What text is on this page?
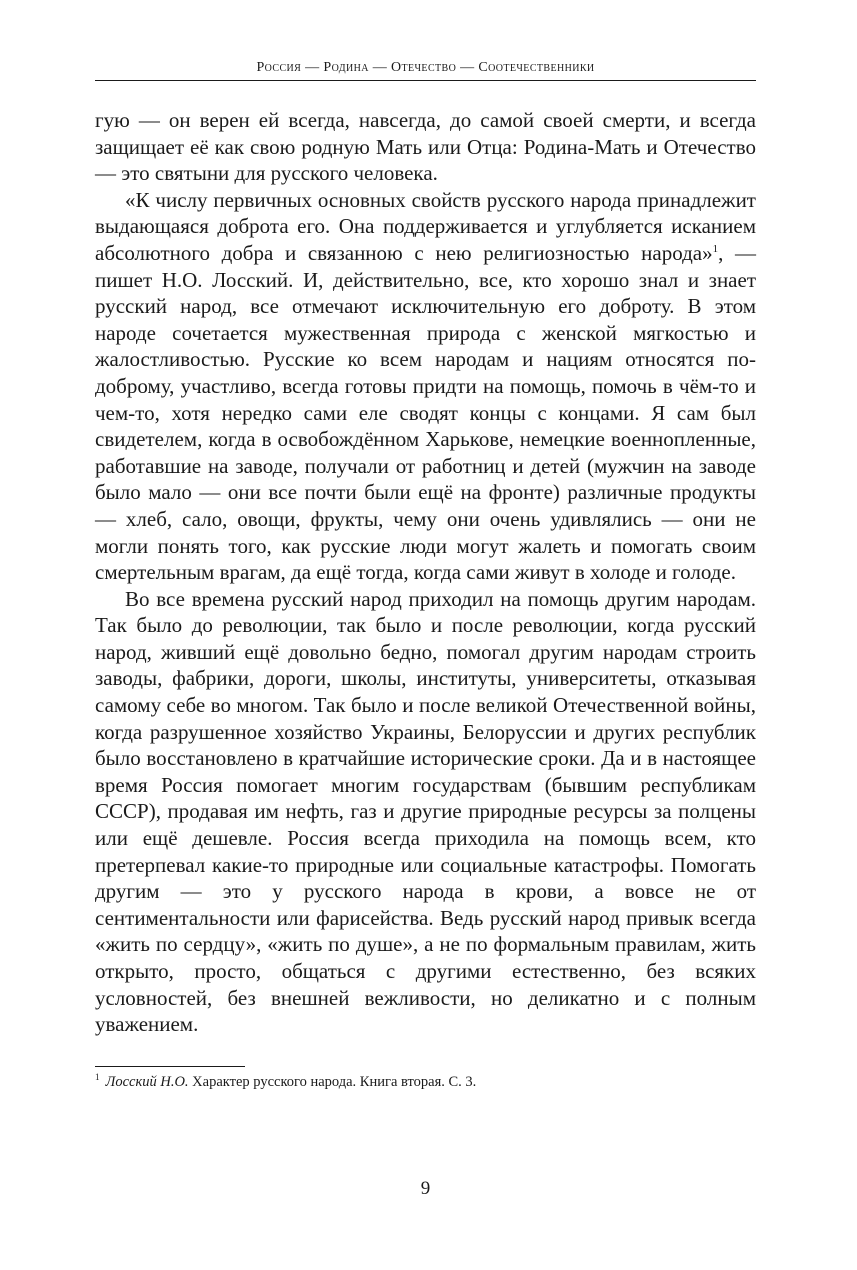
Россия — Родина — Отечество — Соотечественники

гую — он верен ей всегда, навсегда, до самой своей смерти, и всегда защищает её как свою родную Мать или Отца: Родина-Мать и Отечество — это святыни для русского человека.

«К числу первичных основных свойств русского народа принадлежит выдающаяся доброта его. Она поддерживается и углубляется исканием абсолютного добра и связанною с нею религиозностью народа»$^1$, — пишет Н.О. Лосский. И, действительно, все, кто хорошо знал и знает русский народ, все отмечают исключительную его доброту. В этом народе сочетается мужественная природа с женской мягкостью и жалостливостью. Русские ко всем народам и нациям относятся по-доброму, участливо, всегда готовы придти на помощь, помочь в чём-то и чем-то, хотя нередко сами еле сводят концы с концами. Я сам был свидетелем, когда в освобождённом Харькове, немецкие военнопленные, работавшие на заводе, получали от работниц и детей (мужчин на заводе было мало — они все почти были ещё на фронте) различные продукты — хлеб, сало, овощи, фрукты, чему они очень удивлялись — они не могли понять того, как русские люди могут жалеть и помогать своим смертельным врагам, да ещё тогда, когда сами живут в холоде и голоде.

Во все времена русский народ приходил на помощь другим народам. Так было до революции, так было и после революции, когда русский народ, живший ещё довольно бедно, помогал другим народам строить заводы, фабрики, дороги, школы, институты, университеты, отказывая самому себе во многом. Так было и после великой Отечественной войны, когда разрушенное хозяйство Украины, Белоруссии и других республик было восстановлено в кратчайшие исторические сроки. Да и в настоящее время Россия помогает многим государствам (бывшим республикам СССР), продавая им нефть, газ и другие природные ресурсы за полцены или ещё дешевле. Россия всегда приходила на помощь всем, кто претерпевал какие-то природные или социальные катастрофы. Помогать другим — это у русского народа в крови, а вовсе не от сентиментальности или фарисейства. Ведь русский народ привык всегда «жить по сердцу», «жить по душе», а не по формальным правилам, жить открыто, просто, общаться с другими естественно, без всяких условностей, без внешней вежливости, но деликатно и с полным уважением.

$^1$ Лосский Н.О. Характер русского народа. Книга вторая. С. 3.
9
